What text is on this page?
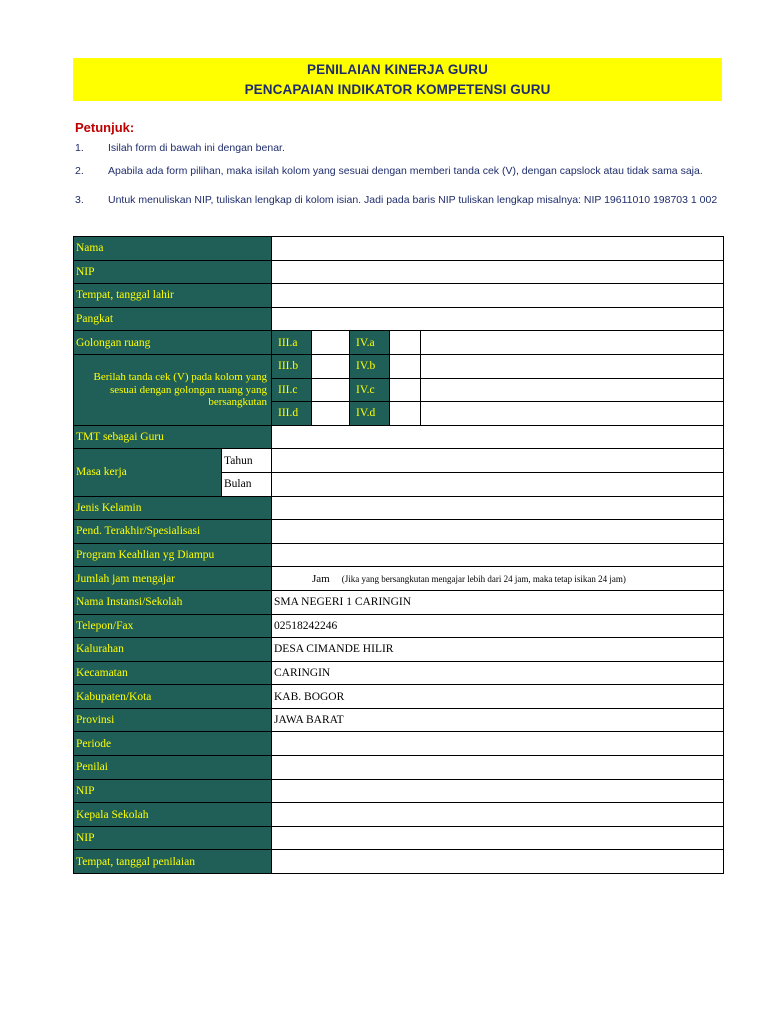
PENILAIAN KINERJA GURU
PENCAPAIAN INDIKATOR KOMPETENSI GURU
Petunjuk:
1.	Isilah form di bawah ini dengan benar.
2.	Apabila ada form pilihan, maka isilah kolom yang sesuai dengan memberi tanda cek (V), dengan capslock atau tidak sama saja.
3.	Untuk menuliskan NIP, tuliskan lengkap di kolom isian. Jadi pada baris NIP tuliskan lengkap misalnya: NIP 19611010 198703 1 002
Nama						
NIP						
Tempat, tanggal lahir						
Pangkat						
Golongan ruang		III.a		IV.a		
Berilah tanda cek (V) pada kolom yang sesuai dengan golongan ruang yang bersangkutan		III.b		IV.b		
		III.c		IV.c		
		III.d		IV.d		
TMT sebagai Guru						
Masa kerja	Tahun					
	Bulan					
Jenis Kelamin						
Pend. Terakhir/Spesialisasi						
Program Keahlian yg Diampu						
Jumlah jam mengajar		Jam (Jika yang bersangkutan mengajar lebih dari 24 jam, maka tetap isikan 24 jam)				
Nama Instansi/Sekolah		SMA NEGERI 1 CARINGIN				
Telepon/Fax		02518242246				
Kalurahan		DESA CIMANDE HILIR				
Kecamatan		CARINGIN				
Kabupaten/Kota		KAB. BOGOR				
Provinsi		JAWA BARAT				
Periode						
Penilai						
NIP						
Kepala Sekolah						
NIP						
Tempat, tanggal penilaian						
